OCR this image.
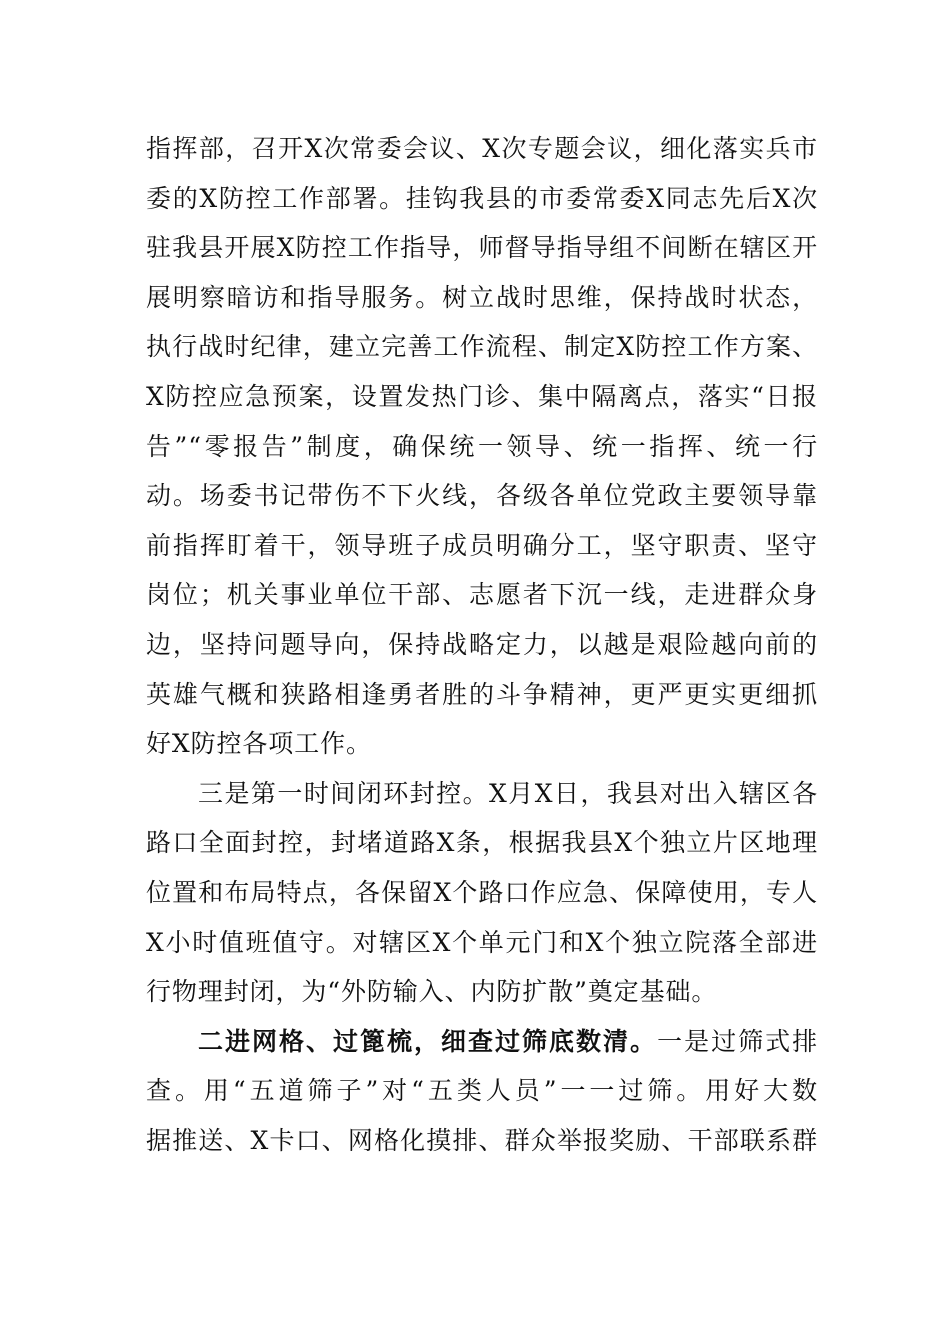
指挥部，召开X次常委会议、X次专题会议，细化落实兵市
委的X防控工作部署。挂钩我县的市委常委X同志先后X次
驻我县开展X防控工作指导，师督导指导组不间断在辖区开
展明察暗访和指导服务。树立战时思维，保持战时状态，
执行战时纪律，建立完善工作流程、制定X防控工作方案、
X防控应急预案，设置发热门诊、集中隔离点，落实“日报
告”“零报告”制度，确保统一领导、统一指挥、统一行
动。场委书记带伤不下火线，各级各单位党政主要领导靠
前指挥盯着干，领导班子成员明确分工，坚守职责、坚守
岗位；机关事业单位干部、志愿者下沉一线，走进群众身
边，坚持问题导向，保持战略定力，以越是艰险越向前的
英雄气概和狭路相逢勇者胜的斗争精神，更严更实更细抓
好X防控各项工作。
三是第一时间闭环封控。X月X日，我县对出入辖区各
路口全面封控，封堵道路X条，根据我县X个独立片区地理
位置和布局特点，各保留X个路口作应急、保障使用，专人
X小时值班值守。对辖区X个单元门和X个独立院落全部进
行物理封闭，为“外防输入、内防扩散”奠定基础。
二进网格、过篦梳，细查过筛底数清。一是过筛式排
查。用“五道筛子”对“五类人员”一一过筛。用好大数
据推送、X卡口、网格化摸排、群众举报奖励、干部联系群
